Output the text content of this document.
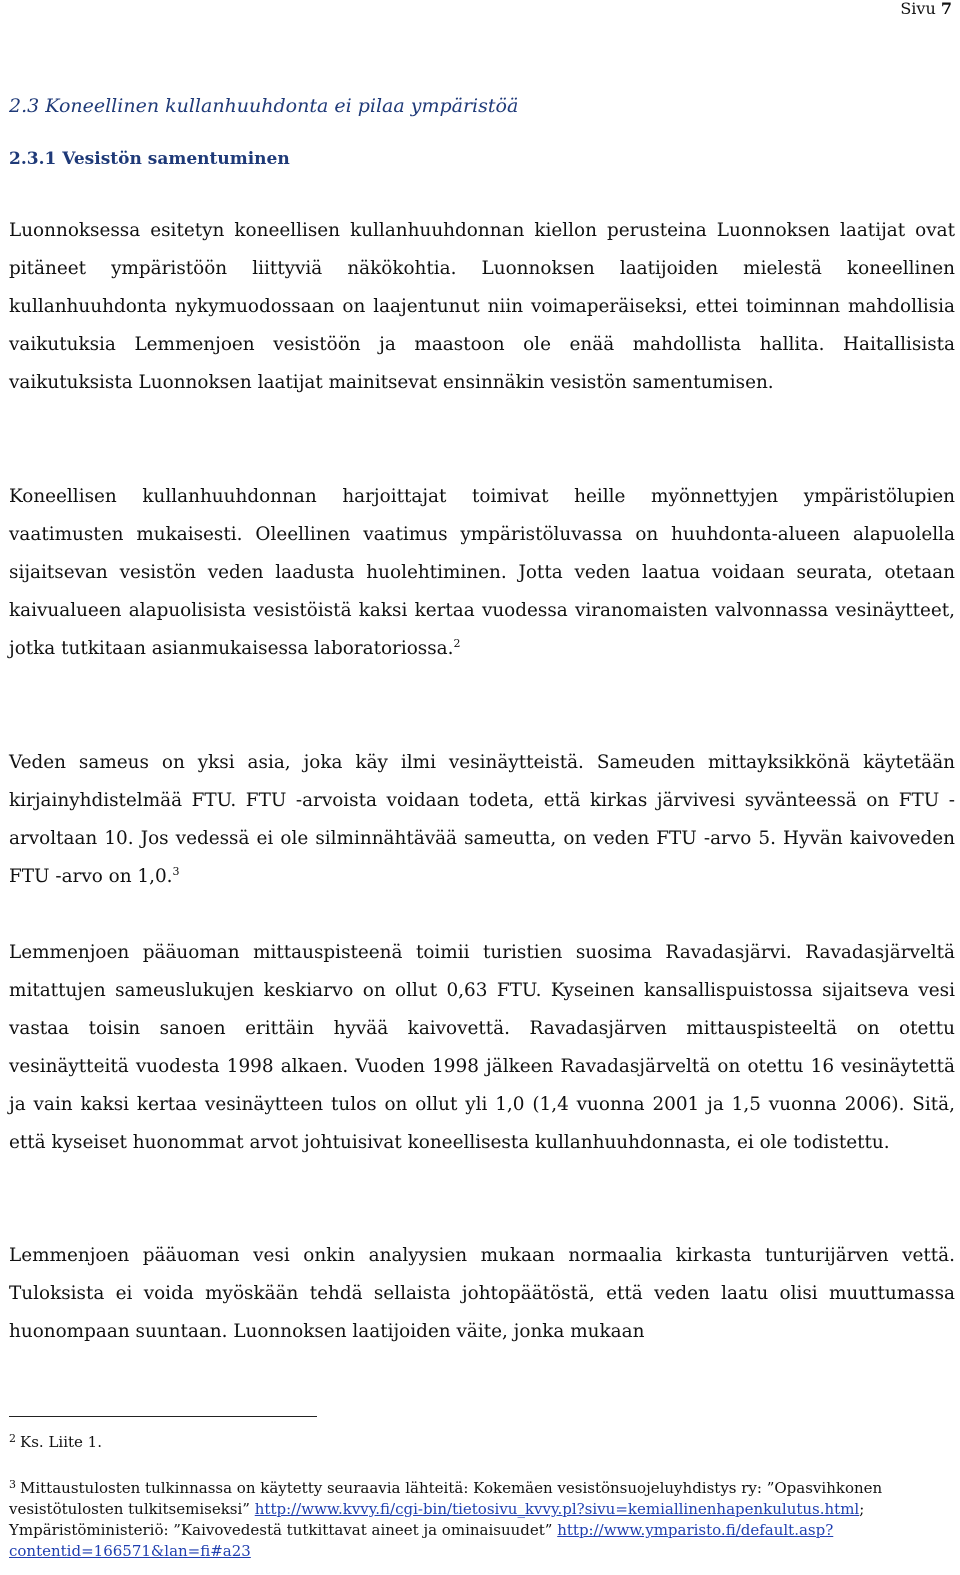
Sivu 7
2.3 Koneellinen kullanhuuhdonta ei pilaa ympäristöä
2.3.1 Vesistön samentuminen

Luonnoksessa esitetyn koneellisen kullanhuuhdonnan kiellon perusteina Luonnoksen laatijat ovat pitäneet ympäristöön liittyviä näkökohtia. Luonnoksen laatijoiden mielestä koneellinen kullanhuuhdonta nykymuodossaan on laajentunut niin voimaperäiseksi, ettei toiminnan mahdollisia vaikutuksia Lemmenjoen vesistöön ja maastoon ole enää mahdollista hallita. Haitallisista vaikutuksista Luonnoksen laatijat mainitsevat ensinnäkin vesistön samentumisen.

Koneellisen kullanhuuhdonnan harjoittajat toimivat heille myönnettyjen ympäristölupien vaatimusten mukaisesti. Oleellinen vaatimus ympäristöluvassa on huuhdonta-alueen alapuolella sijaitsevan vesistön veden laadusta huolehtiminen. Jotta veden laatua voidaan seurata, otetaan kaivualueen alapuolisista vesistöistä kaksi kertaa vuodessa viranomaisten valvonnassa vesinäytteet, jotka tutkitaan asianmukaisessa laboratoriossa.$^2$

Veden sameus on yksi asia, joka käy ilmi vesinäytteistä. Sameuden mittayksikkönä käytetään kirjainyhdistelmää FTU. FTU -arvoista voidaan todeta, että kirkas järvivesi syvänteessä on FTU -arvoltaan 10. Jos vedessä ei ole silminnähtävää sameutta, on veden FTU -arvo 5. Hyvän kaivoveden FTU -arvo on 1,0.$^3$

Lemmenjoen pääuoman mittauspisteenä toimii turistien suosima Ravadasjärvi. Ravadasjärveltä mitattujen sameuslukujen keskiarvo on ollut 0,63 FTU. Kyseinen kansallispuistossa sijaitseva vesi vastaa toisin sanoen erittäin hyvää kaivovettä. Ravadasjärven mittauspisteeltä on otettu vesinäytteitä vuodesta 1998 alkaen. Vuoden 1998 jälkeen Ravadasjärveltä on otettu 16 vesinäytettä ja vain kaksi kertaa vesinäytteen tulos on ollut yli 1,0 (1,4 vuonna 2001 ja 1,5 vuonna 2006). Sitä, että kyseiset huonommat arvot johtuisivat koneellisesta kullanhuuhdonnasta, ei ole todistettu.

Lemmenjoen pääuoman vesi onkin analyysien mukaan normaalia kirkasta tunturijärven vettä. Tuloksista ei voida myöskään tehdä sellaista johtopäätöstä, että veden laatu olisi muuttumassa huonompaan suuntaan. Luonnoksen laatijoiden väite, jonka mukaan

$^2$ Ks. Liite 1.

$^3$ Mittaustulosten tulkinnassa on käytetty seuraavia lähteitä: Kokemäen vesistönsuojeluyhdistys ry: ”Opasvihkonen vesistötulosten tulkitsemiseksi” http://www.kvvy.fi/cgi-bin/tietosivu_kvvy.pl?sivu=kemiallinenhapenkulutus.html; Ympäristöministeriö: ”Kaivovedestä tutkittavat aineet ja ominaisuudet” http://www.ymparisto.fi/default.asp?contentid=166571&lan=fi#a23
